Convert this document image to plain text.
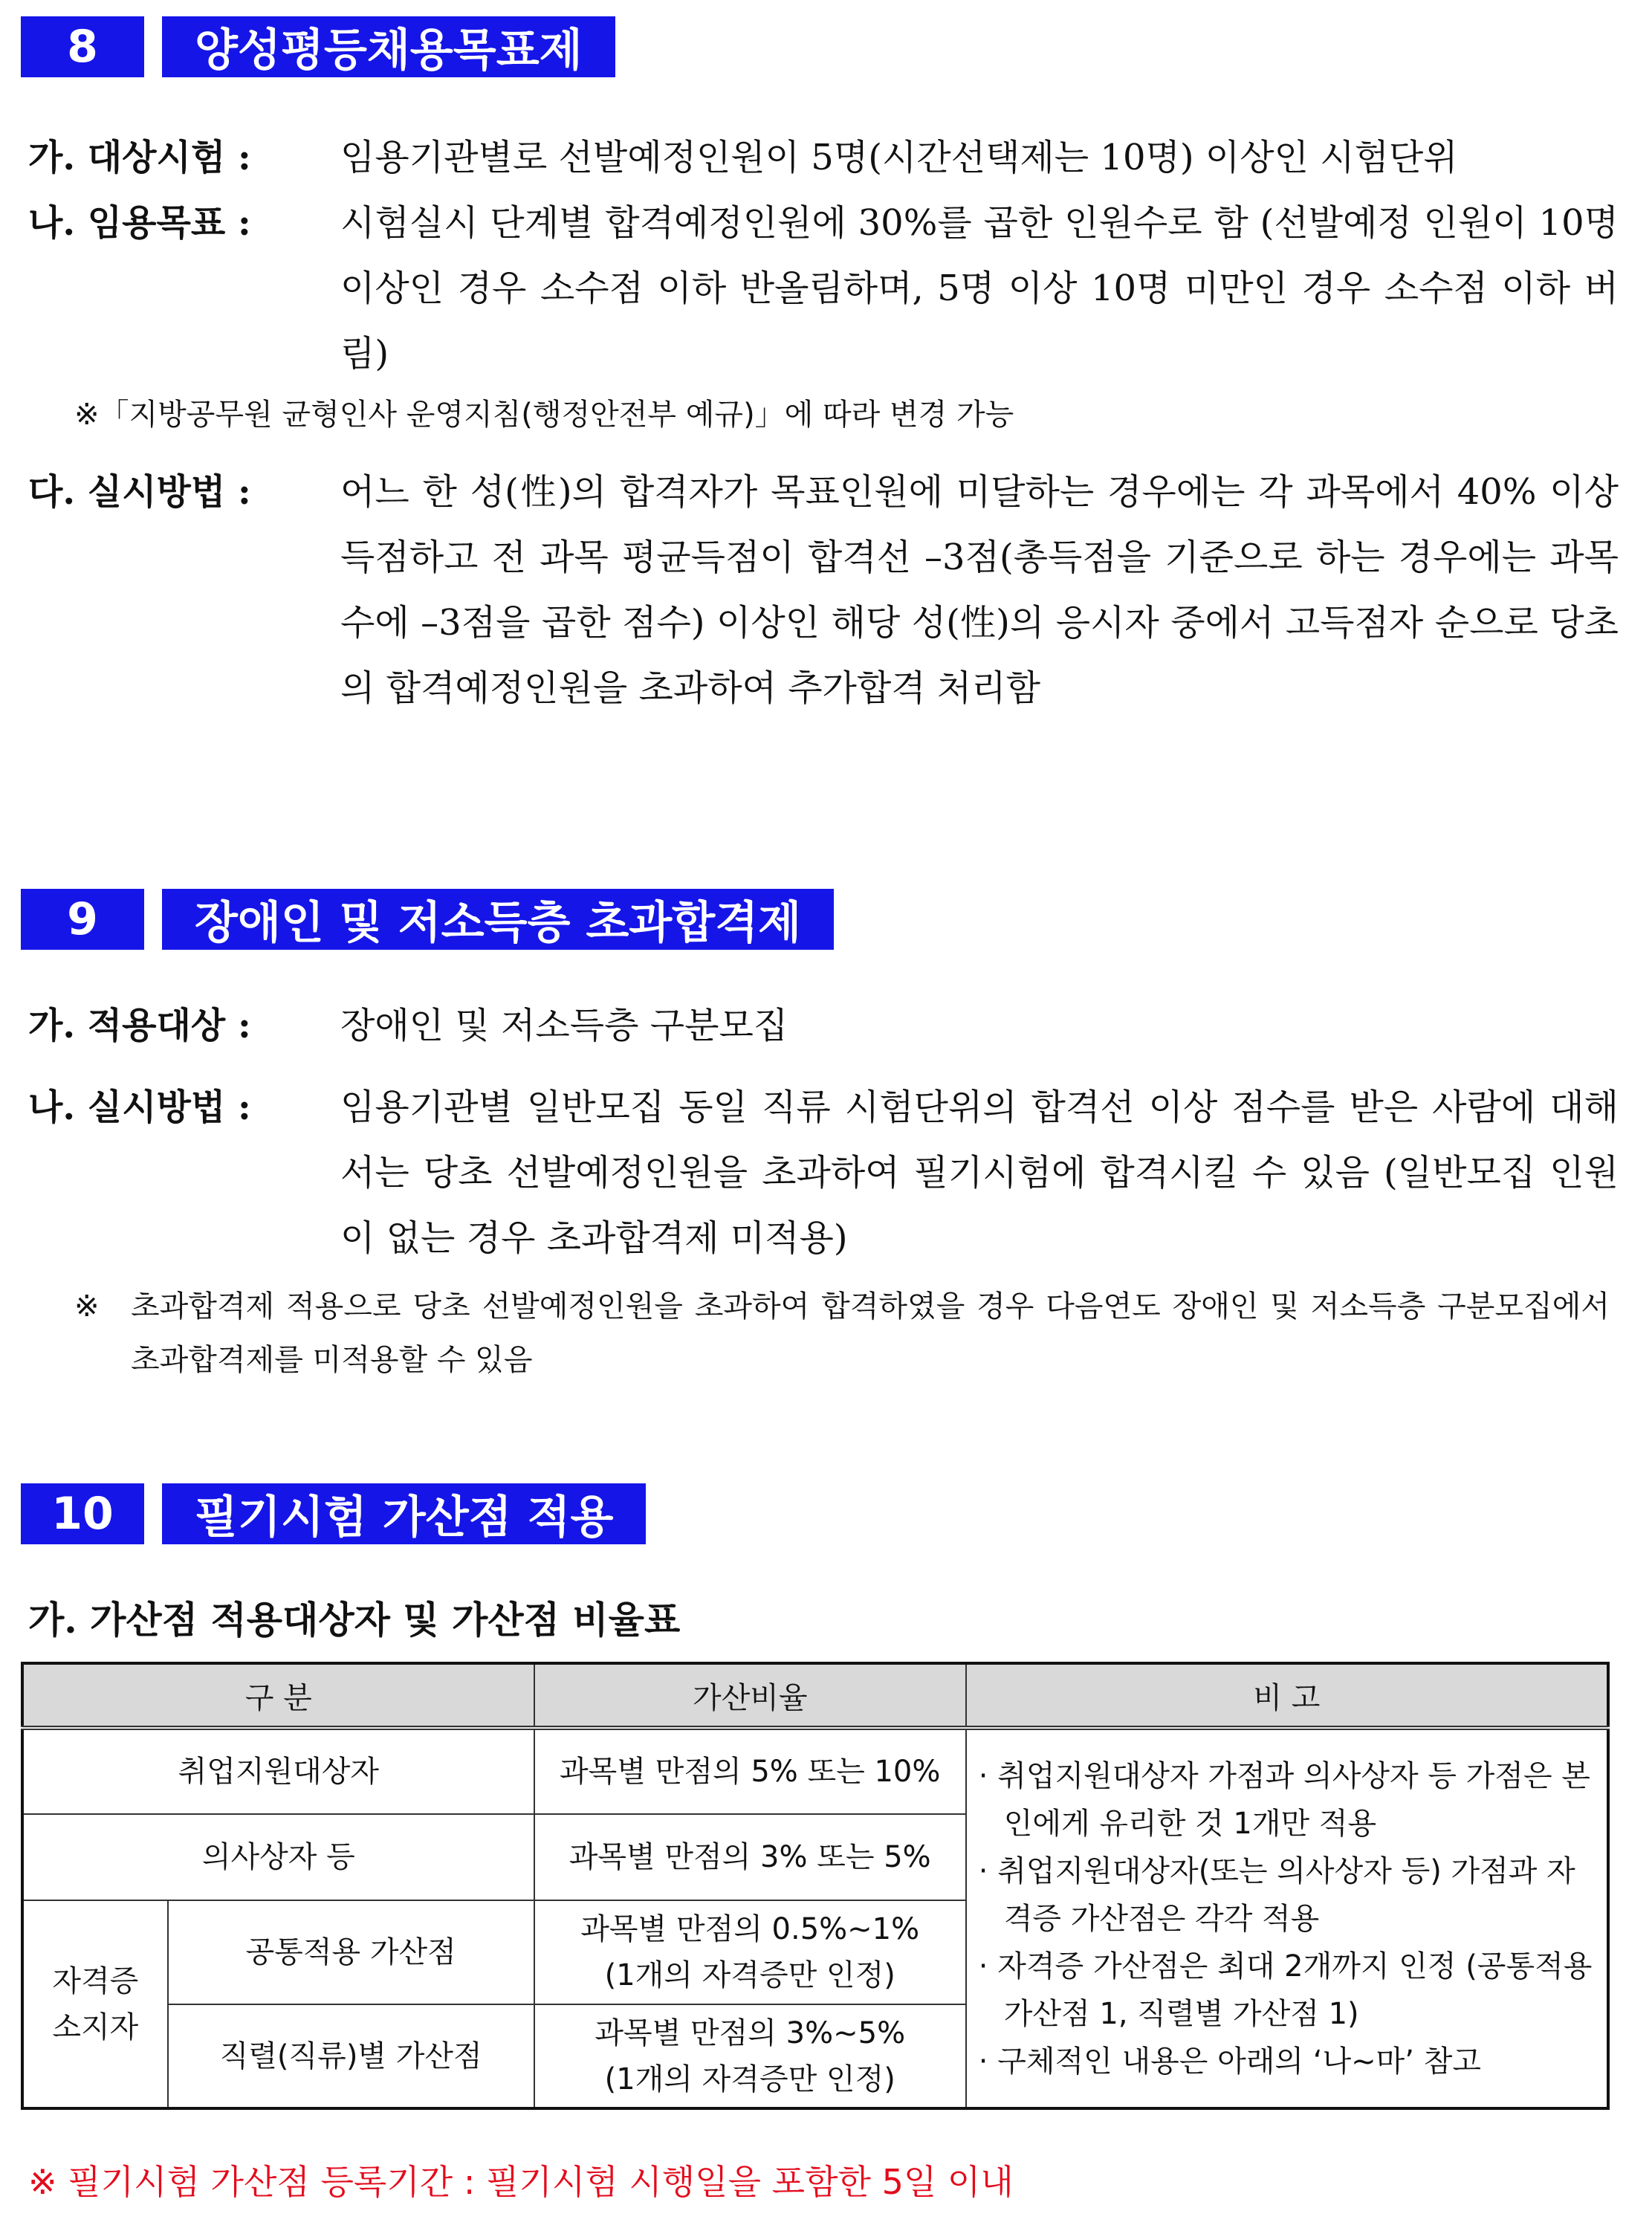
8	양성평등채용목표제
가. 대상시험 :	임용기관별로 선발예정인원이 5명(시간선택제는 10명) 이상인 시험단위
나. 임용목표 :	시험실시 단계별 합격예정인원에 30%를 곱한 인원수로 함 (선발예정 인원이 10명 이상인 경우 소수점 이하 반올림하며, 5명 이상 10명 미만인 경우 소수점 이하 버림)
※「지방공무원 균형인사 운영지침(행정안전부 예규)」에 따라 변경 가능
다. 실시방법 :	어느 한 성(性)의 합격자가 목표인원에 미달하는 경우에는 각 과목에서 40% 이상 득점하고 전 과목 평균득점이 합격선 –3점(총득점을 기준으로 하는 경우에는 과목수에 –3점을 곱한 점수) 이상인 해당 성(性)의 응시자 중에서 고득점자 순으로 당초의 합격예정인원을 초과하여 추가합격 처리함
9	장애인 및 저소득층 초과합격제
가. 적용대상 :	장애인 및 저소득층 구분모집
나. 실시방법 :	임용기관별 일반모집 동일 직류 시험단위의 합격선 이상 점수를 받은 사람에 대해서는 당초 선발예정인원을 초과하여 필기시험에 합격시킬 수 있음 (일반모집 인원이 없는 경우 초과합격제 미적용)
※	초과합격제 적용으로 당초 선발예정인원을 초과하여 합격하였을 경우 다음연도 장애인 및 저소득층 구분모집에서 초과합격제를 미적용할 수 있음
10	필기시험 가산점 적용
가. 가산점 적용대상자 및 가산점 비율표
구 분		가산비율	비 고
취업지원대상자		과목별 만점의 5% 또는 10%	· 취업지원대상자 가점과 의사상자 등 가점은 본인에게 유리한 것 1개만 적용
· 취업지원대상자(또는 의사상자 등) 가점과 자격증 가산점은 각각 적용
· 자격증 가산점은 최대 2개까지 인정 (공통적용 가산점 1, 직렬별 가산점 1)
· 구체적인 내용은 아래의 ‘나~마’ 참고

의사상자 등		과목별 만점의 3% 또는 5%	
자격증 소지자	공통적용 가산점	과목별 만점의 0.5%~1%
(1개의 자격증만 인정)	

	직렬(직류)별 가산점	과목별 만점의 3%~5%
(1개의 자격증만 인정)	
※ 필기시험 가산점 등록기간 : 필기시험 시행일을 포함한 5일 이내
